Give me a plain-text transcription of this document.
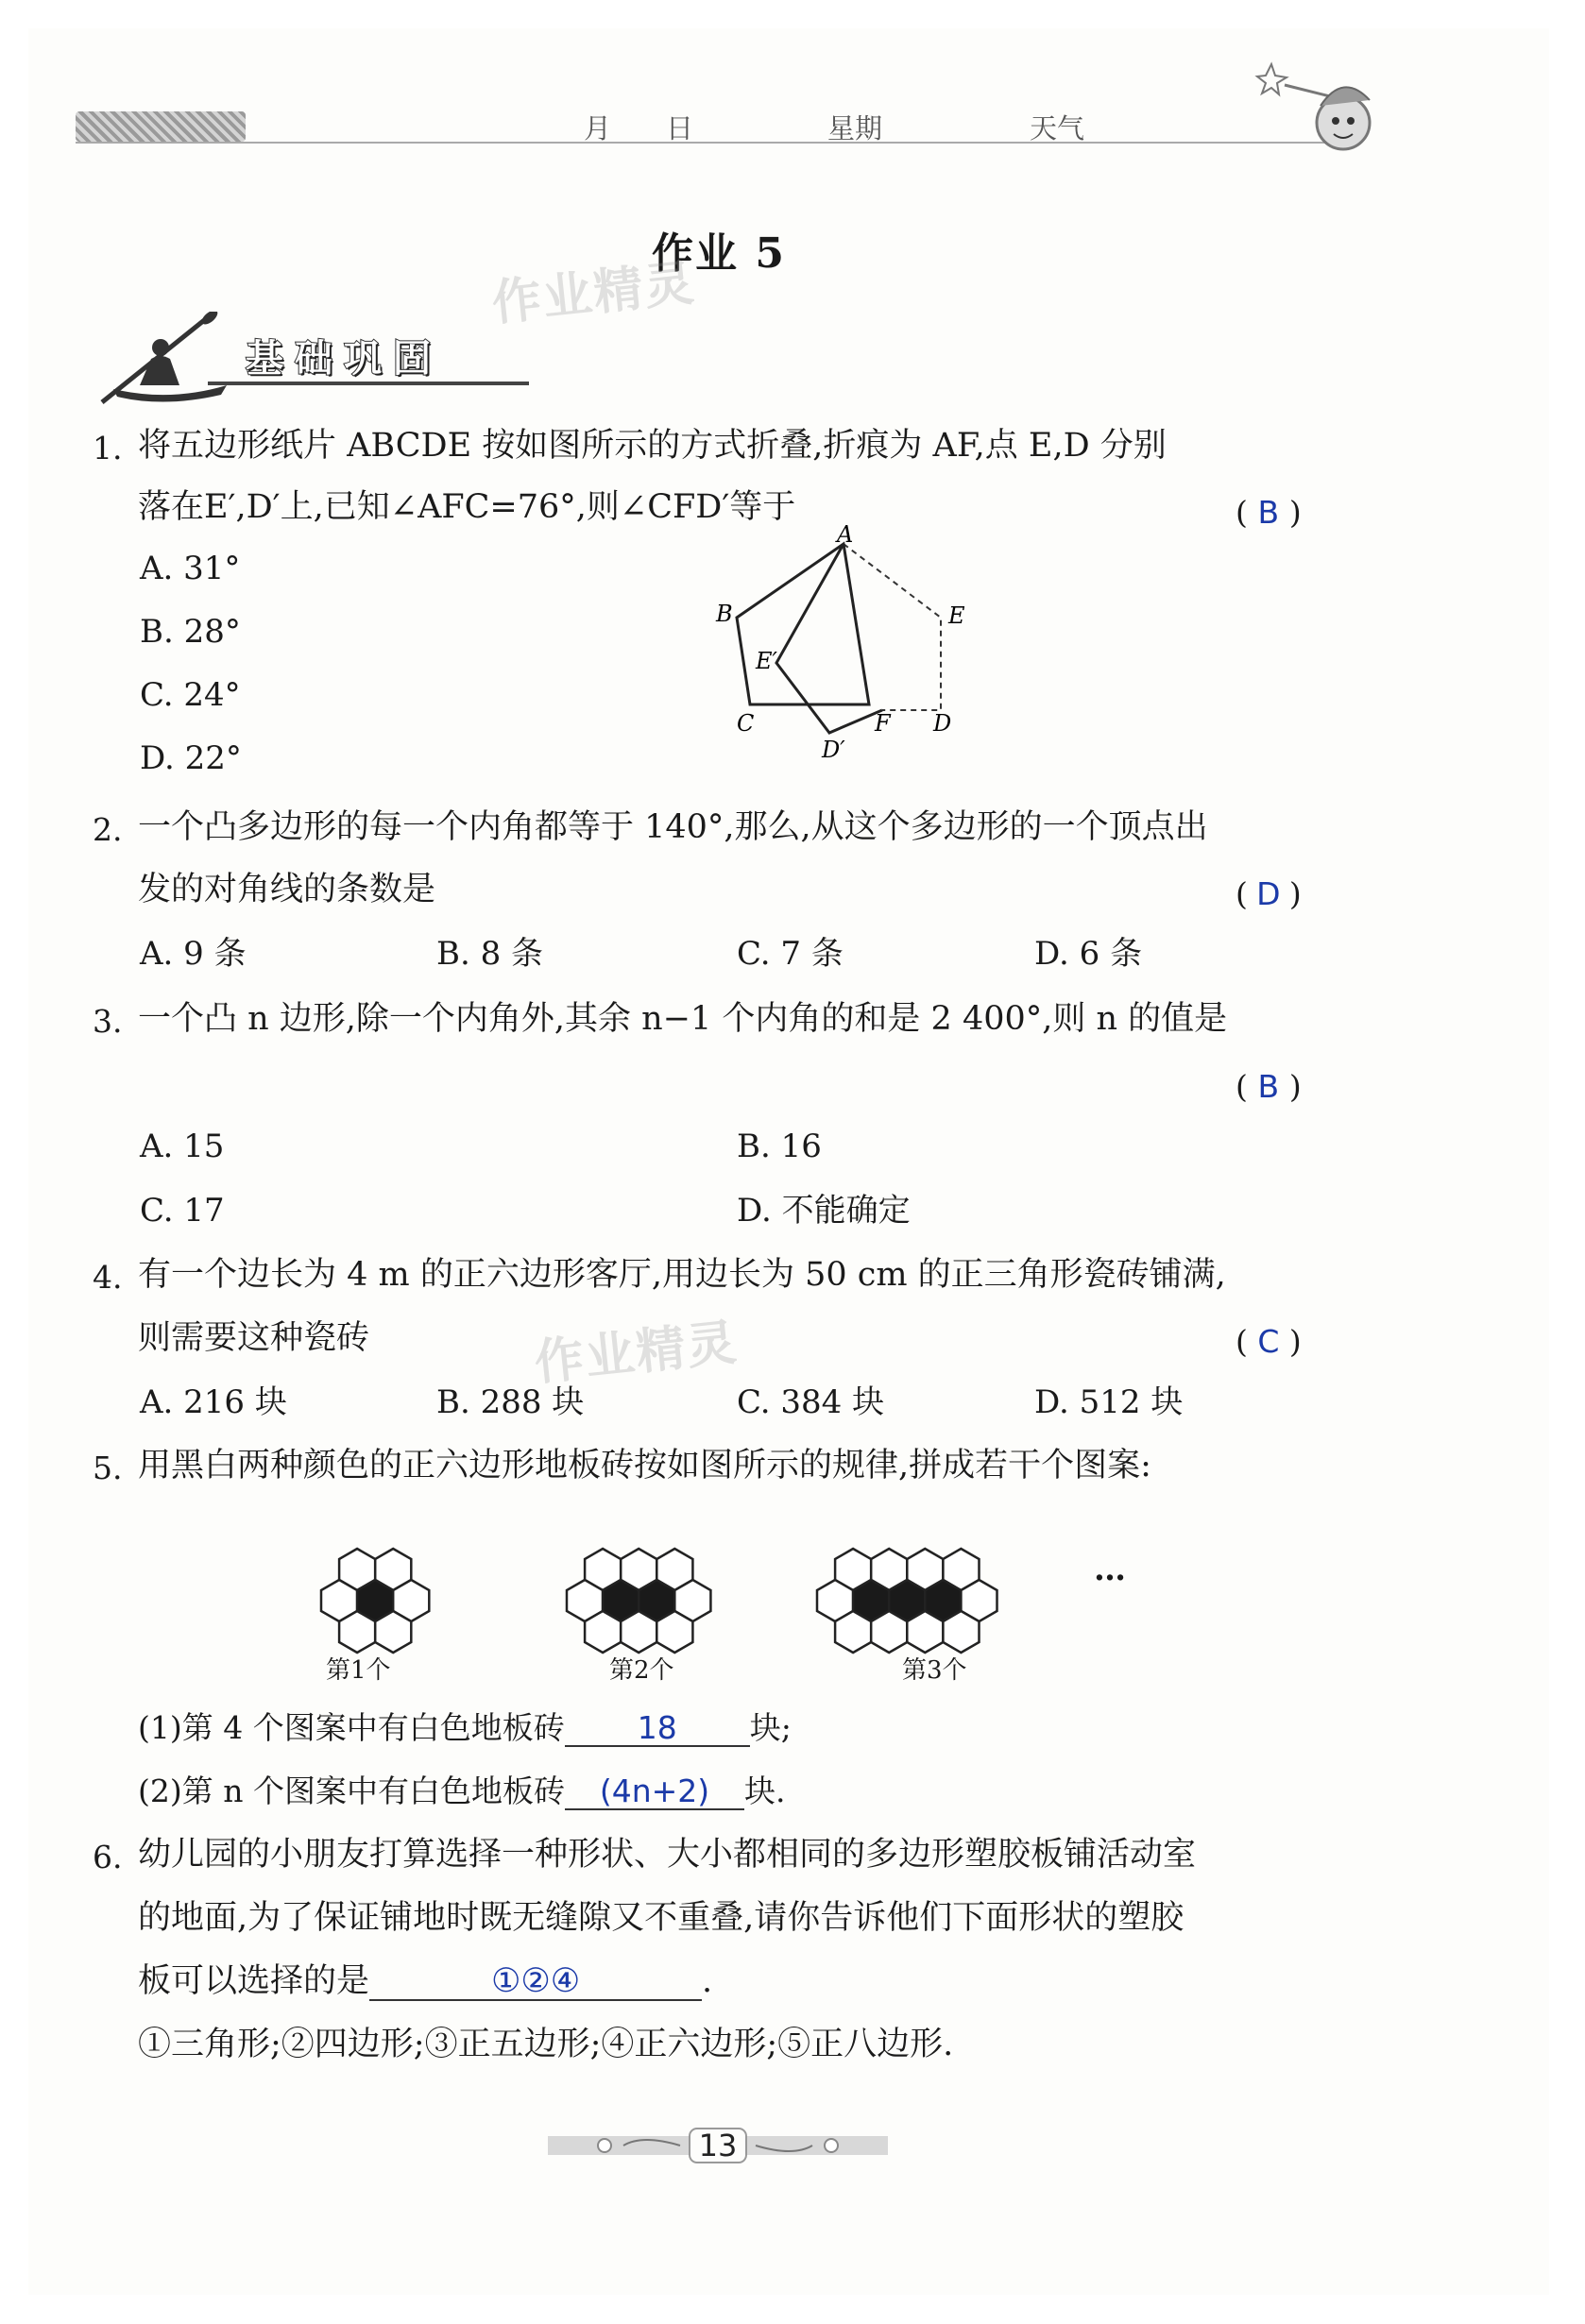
月 日	星期	天气
作业 5
作业精灵
作业精灵
基础巩固
1. 将五边形纸片 ABCDE 按如图所示的方式折叠,折痕为 AF,点 E,D 分别
落在E′,D′上,已知∠AFC=76°,则∠CFD′等于	( B )
A. 31°
B. 28°
C. 24°
D. 22°
A
B	E
E′
C	F D
D′
2. 一个凸多边形的每一个内角都等于 140°,那么,从这个多边形的一个顶点出
发的对角线的条数是	( D )
A. 9 条	B. 8 条	C. 7 条	D. 6 条
3. 一个凸 n 边形,除一个内角外,其余 n−1 个内角的和是 2 400°,则 n 的值是
( B )
A. 15	B. 16
C. 17	D. 不能确定
4. 有一个边长为 4 m 的正六边形客厅,用边长为 50 cm 的正三角形瓷砖铺满,
则需要这种瓷砖	( C )
A. 216 块	B. 288 块	C. 384 块	D. 512 块
5. 用黑白两种颜色的正六边形地板砖按如图所示的规律,拼成若干个图案:
第1个	第2个	第3个
…
(1)第 4 个图案中有白色地板砖 18 块;
(2)第 n 个图案中有白色地板砖 (4n+2) 块.
6. 幼儿园的小朋友打算选择一种形状、大小都相同的多边形塑胶板铺活动室
的地面,为了保证铺地时既无缝隙又不重叠,请你告诉他们下面形状的塑胶
板可以选择的是	①②④	.
①三角形;②四边形;③正五边形;④正六边形;⑤正八边形.
13
